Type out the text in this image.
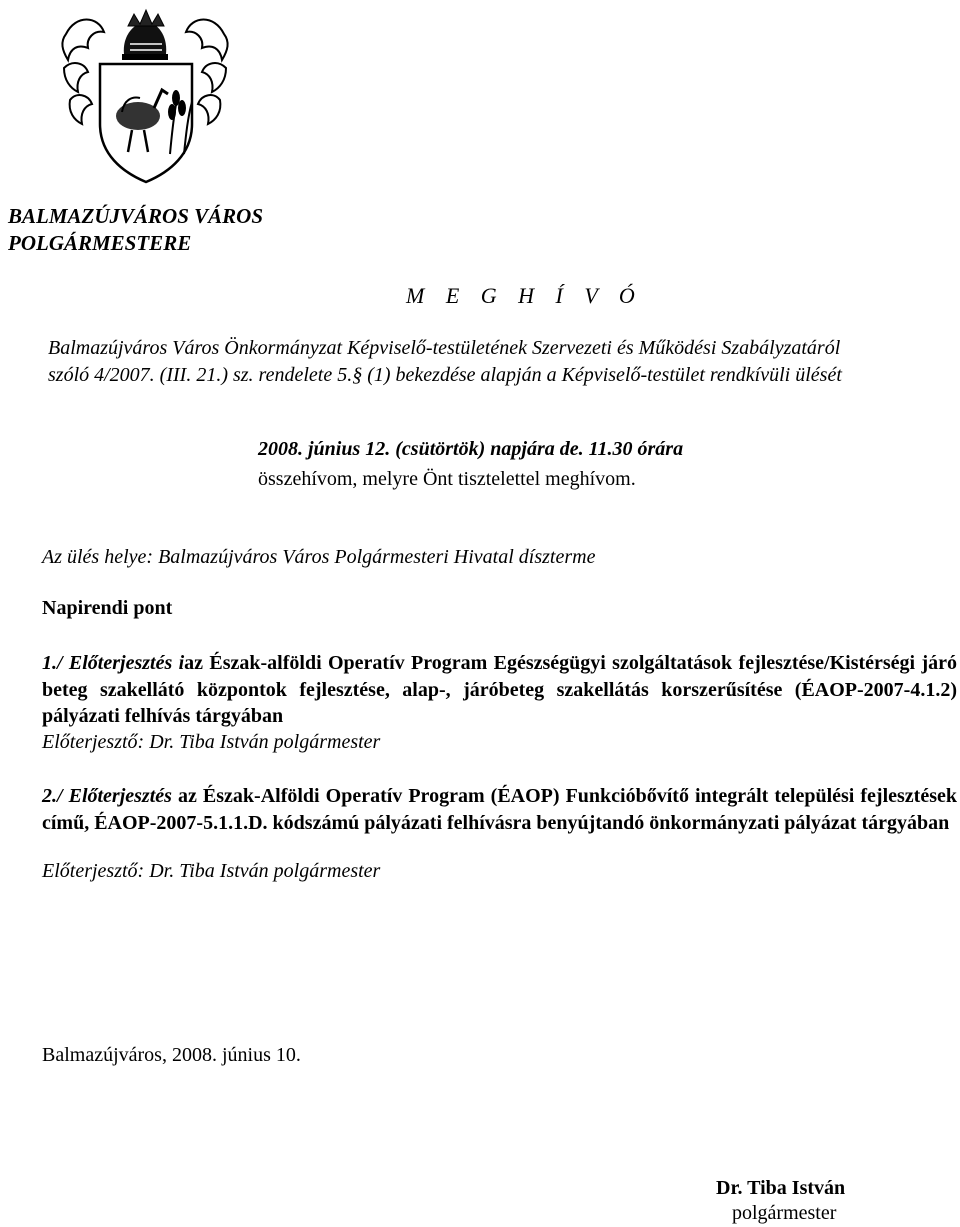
BALMAZÚJVÁROS VÁROS
POLGÁRMESTERE
M E G H Í V Ó
Balmazújváros Város Önkormányzat Képviselő-testületének Szervezeti és Működési Szabályzatáról
szóló 4/2007. (III. 21.) sz. rendelete 5.§ (1) bekezdése alapján a Képviselő-testület rendkívüli ülését
2008. június 12. (csütörtök) napjára de. 11.30 órára
összehívom, melyre Önt tisztelettel meghívom.
Az ülés helye: Balmazújváros Város Polgármesteri Hivatal díszterme
Napirendi pont
1./ Előterjesztés iaz Észak-alföldi Operatív Program Egészségügyi szolgáltatások fejlesztése/Kistérségi járó beteg szakellátó központok fejlesztése, alap-, járóbeteg szakellátás korszerűsítése (ÉAOP-2007-4.1.2) pályázati felhívás tárgyában
Előterjesztő: Dr. Tiba István polgármester
2./ Előterjesztés az Észak-Alföldi Operatív Program (ÉAOP) Funkcióbővítő integrált települési fejlesztések című, ÉAOP-2007-5.1.1.D. kódszámú pályázati felhívásra benyújtandó önkormányzati pályázat tárgyában
Előterjesztő: Dr. Tiba István polgármester
Balmazújváros, 2008. június 10.
Dr. Tiba István
polgármester
